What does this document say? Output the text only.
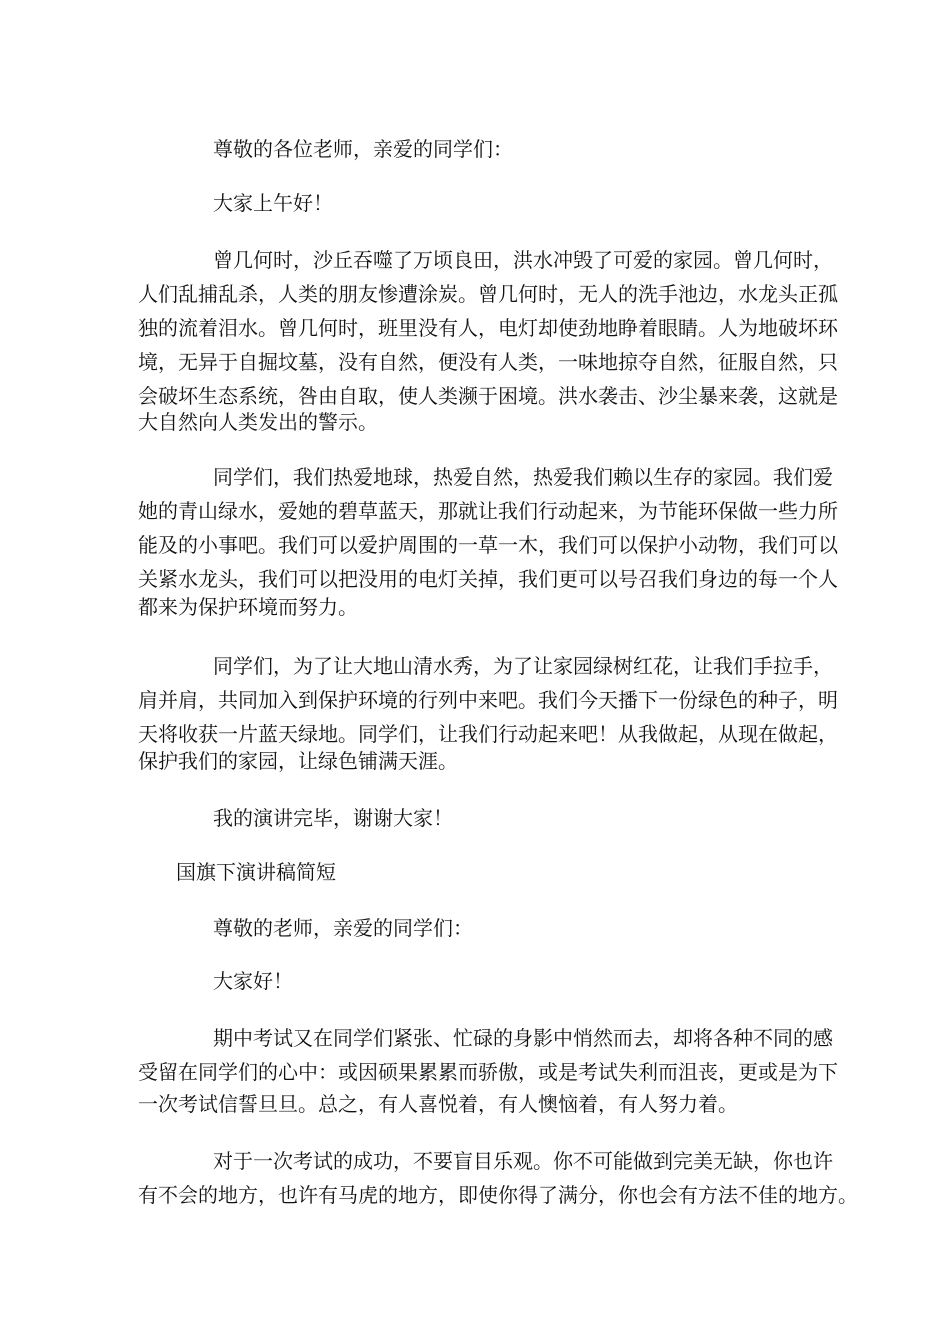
尊敬的各位老师，亲爱的同学们：
大家上午好！
曾几何时，沙丘吞噬了万顷良田，洪水冲毁了可爱的家园。曾几何时，
人们乱捕乱杀，人类的朋友惨遭涂炭。曾几何时，无人的洗手池边，水龙头正孤
独的流着泪水。曾几何时，班里没有人，电灯却使劲地睁着眼睛。人为地破坏环
境，无异于自掘坟墓，没有自然，便没有人类，一味地掠夺自然，征服自然，只
会破坏生态系统，咎由自取，使人类濒于困境。洪水袭击、沙尘暴来袭，这就是
大自然向人类发出的警示。
同学们，我们热爱地球，热爱自然，热爱我们赖以生存的家园。我们爱
她的青山绿水，爱她的碧草蓝天，那就让我们行动起来，为节能环保做一些力所
能及的小事吧。我们可以爱护周围的一草一木，我们可以保护小动物，我们可以
关紧水龙头，我们可以把没用的电灯关掉，我们更可以号召我们身边的每一个人
都来为保护环境而努力。
同学们，为了让大地山清水秀，为了让家园绿树红花，让我们手拉手，
肩并肩，共同加入到保护环境的行列中来吧。我们今天播下一份绿色的种子，明
天将收获一片蓝天绿地。同学们，让我们行动起来吧！从我做起，从现在做起，
保护我们的家园，让绿色铺满天涯。
我的演讲完毕，谢谢大家！
国旗下演讲稿简短
尊敬的老师，亲爱的同学们：
大家好！
期中考试又在同学们紧张、忙碌的身影中悄然而去，却将各种不同的感
受留在同学们的心中：或因硕果累累而骄傲，或是考试失利而沮丧，更或是为下
一次考试信誓旦旦。总之，有人喜悦着，有人懊恼着，有人努力着。
对于一次考试的成功，不要盲目乐观。你不可能做到完美无缺，你也许
有不会的地方，也许有马虎的地方，即使你得了满分，你也会有方法不佳的地方。
